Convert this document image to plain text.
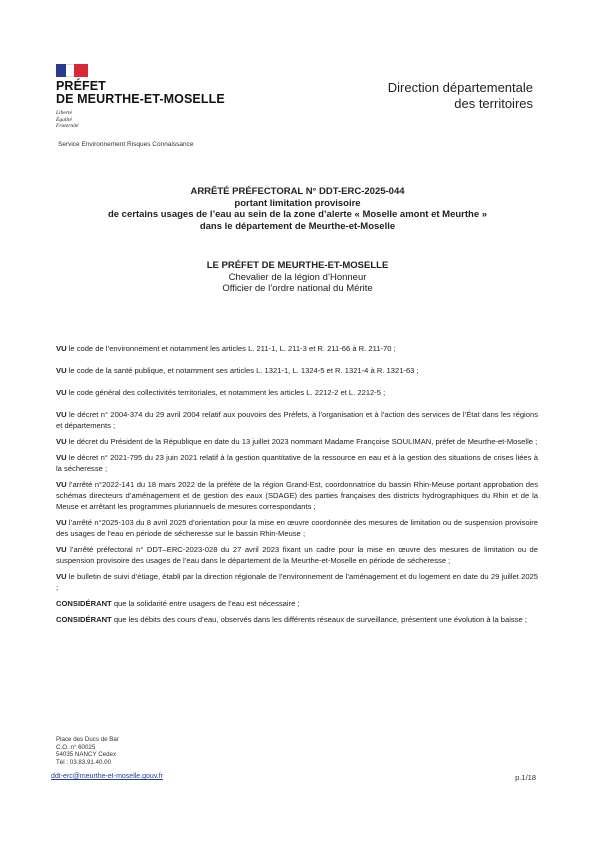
PRÉFET
DE MEURTHE-ET-MOSELLE
Liberté
Égalité
Fraternité
Service Environnement Risques Connaissance
Direction départementale
des territoires
ARRÊTÉ PRÉFECTORAL N° DDT-ERC-2025-044
portant limitation provisoire
de certains usages de l’eau au sein de la zone d’alerte « Moselle amont et Meurthe »
dans le département de Meurthe-et-Moselle
LE PRÉFET DE MEURTHE-ET-MOSELLE
Chevalier de la légion d’Honneur
Officier de l’ordre national du Mérite

VU le code de l’environnement et notamment les articles L. 211-1, L. 211-3 et R. 211-66 à R. 211-70 ;

VU le code de la santé publique, et notamment ses articles L. 1321-1, L. 1324-5 et R. 1321-4 à R. 1321-63 ;

VU le code général des collectivités territoriales, et notamment les articles L. 2212-2 et L. 2212-5 ;

VU le décret n° 2004-374 du 29 avril 2004 relatif aux pouvoirs des Préfets, à l’organisation et à l’action des services de l’État dans les régions et départements ;

VU le décret du Président de la République en date du 13 juillet 2023 nommant Madame Françoise SOULIMAN, préfet de Meurthe-et-Moselle ;

VU le décret n° 2021-795 du 23 juin 2021 relatif à la gestion quantitative de la ressource en eau et à la gestion des situations de crises liées à la sécheresse ;

VU l’arrêté n°2022-141 du 18 mars 2022 de la préfète de la région Grand-Est, coordonnatrice du bassin Rhin-Meuse portant approbation des schémas directeurs d’aménagement et de gestion des eaux (SDAGE) des parties françaises des districts hydrographiques du Rhin et de la Meuse et arrêtant les programmes pluriannuels de mesures correspondants ;

VU l’arrêté n°2025-103 du 8 avril 2025 d’orientation pour la mise en œuvre coordonnée des mesures de limitation ou de suspension provisoire des usages de l’eau en période de sécheresse sur le bassin Rhin-Meuse ;

VU l’arrêté préfectoral n° DDT–ERC-2023-028 du 27 avril 2023 fixant un cadre pour la mise en œuvre des mesures de limitation ou de suspension provisoire des usages de l’eau dans le département de la Meurthe-et-Moselle en période de sécheresse ;

VU le bulletin de suivi d’étiage, établi par la direction régionale de l’environnement de l’aménagement et du logement en date du 29 juillet 2025 ;

CONSIDÉRANT que la solidarité entre usagers de l’eau est nécessaire ;

CONSIDÉRANT que les débits des cours d’eau, observés dans les différents réseaux de surveillance, présentent une évolution à la baisse ;

Place des Ducs de Bar
C.O. n° 60025
54035 NANCY Cedex
Tél : 03.83.91.40.00
ddt-erc@meurthe-et-moselle.gouv.fr	p.1/18
